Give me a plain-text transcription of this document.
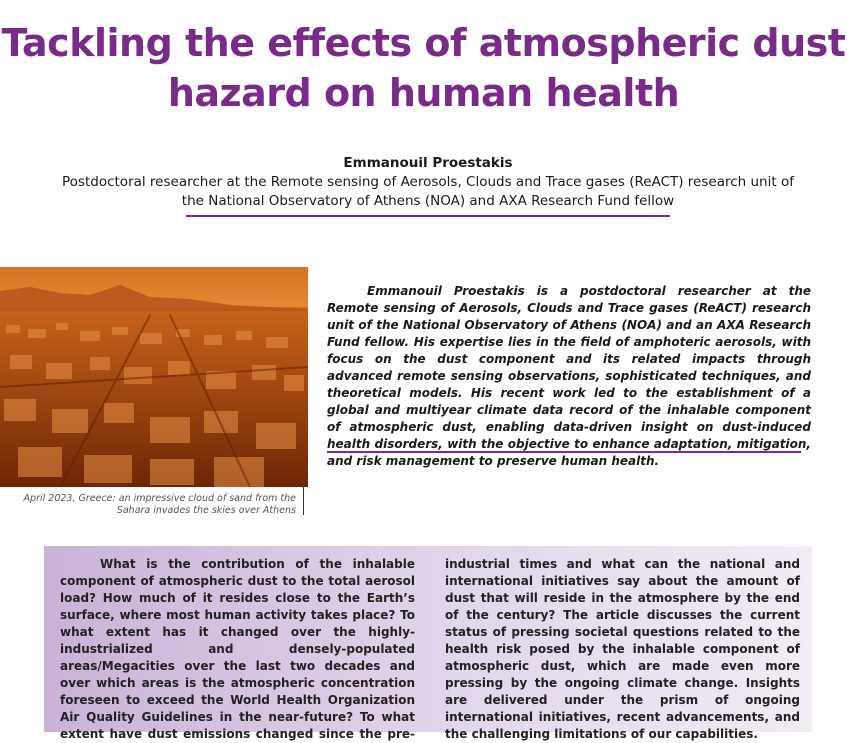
Tackling the effects of atmospheric dust hazard on human health
Emmanouil Proestakis
Postdoctoral researcher at the Remote sensing of Aerosols, Clouds and Trace gases (ReACT) research unit of the National Observatory of Athens (NOA) and AXA Research Fund fellow
April 2023, Greece: an impressive cloud of sand from the Sahara invades the skies over Athens

Emmanouil Proestakis is a postdoctoral researcher at the Remote sensing of Aerosols, Clouds and Trace gases (ReACT) research unit of the National Observatory of Athens (NOA) and an AXA Research Fund fellow. His expertise lies in the field of amphoteric aerosols, with focus on the dust component and its related impacts through advanced remote sensing observations, sophisticated techniques, and theoretical models. His recent work led to the establishment of a global and multiyear climate data record of the inhalable component of atmospheric dust, enabling data-driven insight on dust-induced health disorders, with the objective to enhance adaptation, mitigation, and risk management to preserve human health.

What is the contribution of the inhalable component of atmospheric dust to the total aerosol load? How much of it resides close to the Earth’s surface, where most human activity takes place? To what extent has it changed over the highly-industrialized and densely-populated areas/Megacities over the last two decades and over which areas is the atmospheric concentration foreseen to exceed the World Health Organization Air Quality Guidelines in the near-future? To what extent have dust emissions changed since the pre-industrial times and what can the national and international initiatives say about the amount of dust that will reside in the atmosphere by the end of the century? The article discusses the current status of pressing societal questions related to the health risk posed by the inhalable component of atmospheric dust, which are made even more pressing by the ongoing climate change. Insights are delivered under the prism of ongoing international initiatives, recent advancements, and the challenging limitations of our capabilities.
